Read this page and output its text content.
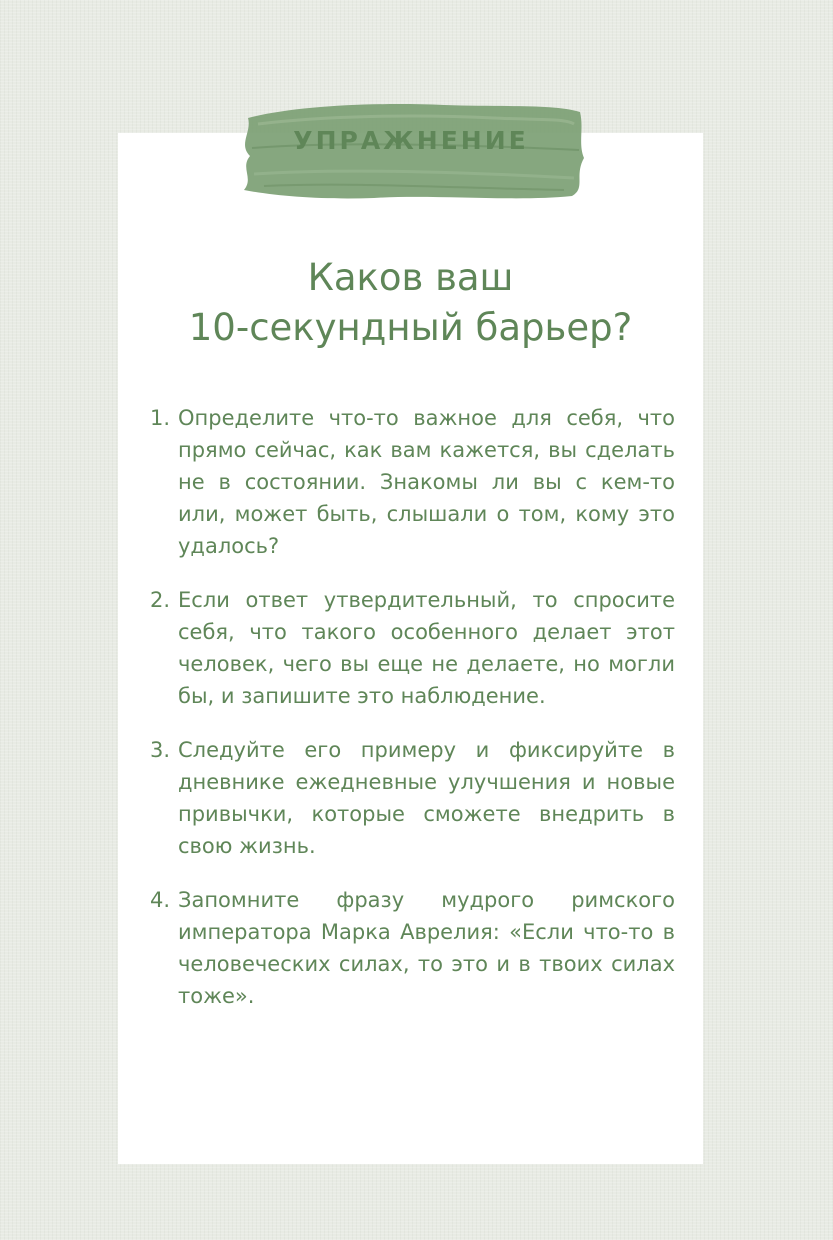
УПРАЖНЕНИЕ
Каков ваш
10-секундный барьер?
1. Определите что-то важное для себя, что прямо сейчас, как вам кажется, вы сделать не в состоянии. Знакомы ли вы с кем-то или, может быть, слышали о том, кому это удалось?
2. Если ответ утвердительный, то спросите себя, что такого особенного делает этот человек, чего вы еще не делаете, но могли бы, и запишите это наблюдение.
3. Следуйте его примеру и фиксируйте в дневнике ежедневные улучшения и новые привычки, которые сможете внедрить в свою жизнь.
4. Запомните фразу мудрого римского императора Марка Аврелия: «Если что-то в человеческих силах, то это и в твоих силах тоже».
